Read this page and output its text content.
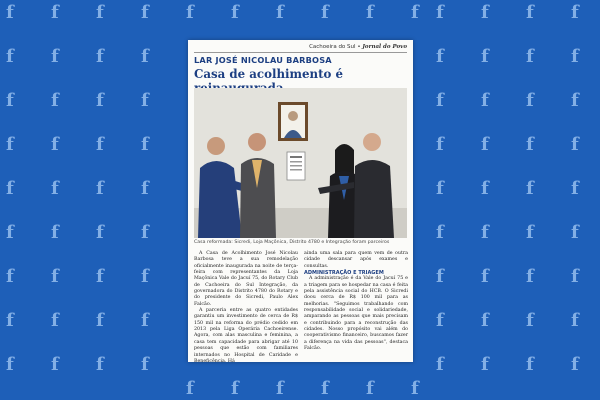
f f f f	f f f f
f f f f	f f f f
f f f f	f f f f
f f f f	f f f f
f f f f	f f f f
f f f f	f f f f
f f f f	f f f f
f f f f	f f f f
f f f f	f f f f
f
f
f
f
f
f
f
f
f
f
f
f
Cachoeira do Sul • Jornal do Povo
LAR JOSÉ NICOLAU BARBOSA
Casa de acolhimento é
Casa reformada: Sicredi, Loja Maçônica, Distrito 4780 e Integração foram parceiros

A Casa de Acolhimento José Nicolau Barbosa teve a sua remodelação oficialmente inaugurada na noite de terça-feira com representantes da Loja Maçônica Vale do Jacuí 75, do Rotary Club de Cachoeira do Sul Integração, da governadora do Distrito 4780 do Rotary e do presidente do Sicredi, Paulo Alex Falcão.

A parceria entre as quatro entidades garantiu um investimento de cerca de R$ 150 mil na reforma do prédio cedido em 2013 pela Liga Operária Cachoeirense. Agora, com alas masculina e feminina, a casa tem capacidade para abrigar até 10 pessoas que estão com familiares internados no Hospital de Caridade e Beneficência. Há

ainda uma sala para quem vem de outra cidade descansar após exames e consultas.

ADMINISTRAÇÃO E TRIAGEM

A administração é da Vale do Jacuí 75 e a triagem para se hospedar na casa é feita pela assistência social do HCB. O Sicredi doou cerca de R$ 100 mil para as melhorias. "Seguimos trabalhando com responsabilidade social e solidariedade, amparando as pessoas que mais precisam e contribuindo para a reconstrução das cidades. Nosso propósito vai além do cooperativismo financeiro, buscamos fazer a diferença na vida das pessoas", destaca Falcão.
